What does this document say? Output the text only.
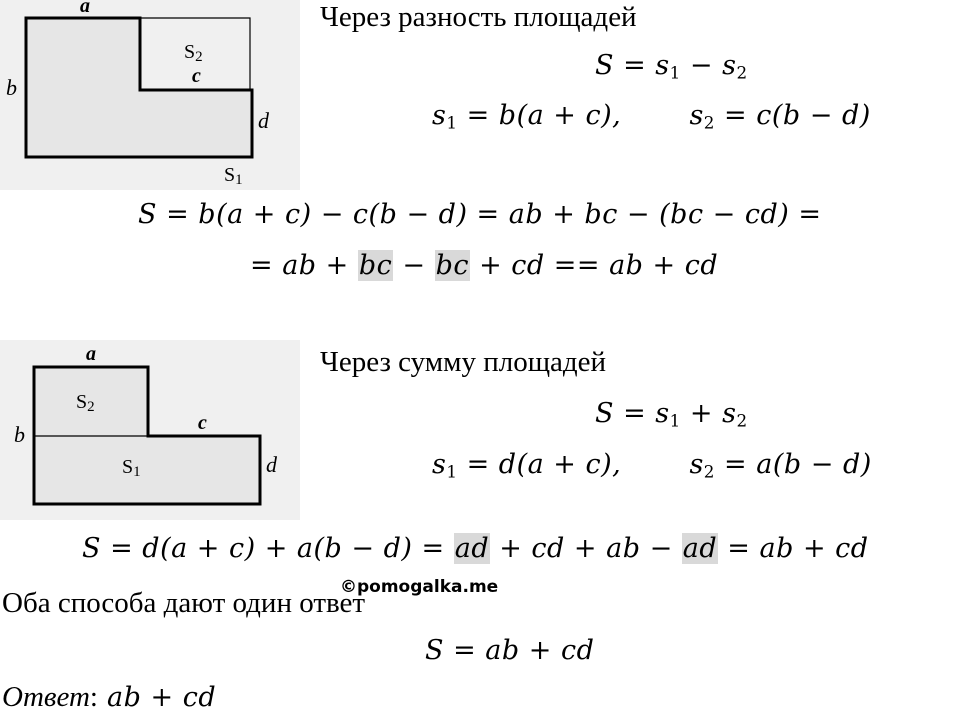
a
b
S2
c
d
S1
Через разность площадей
$S = s_1 - s_2$
$s_1 = b(a + c)$,	$s_2 = c(b - d)$
S = b(a + c) − c(b − d) = ab + bc − (bc − cd) =
= ab + bc − bc + cd == ab + cd
a
S2
b	c
S1	d
Через сумму площадей
$S = s_1 + s_2$
$s_1 = d(a + c)$,	$s_2 = a(b - d)$
S = d(a + c) + a(b − d) = ad + cd + ab − ad = ab + cd
©pomogalka.me
Оба способа дают один ответ
S = ab + cd
Ответ: ab + cd
